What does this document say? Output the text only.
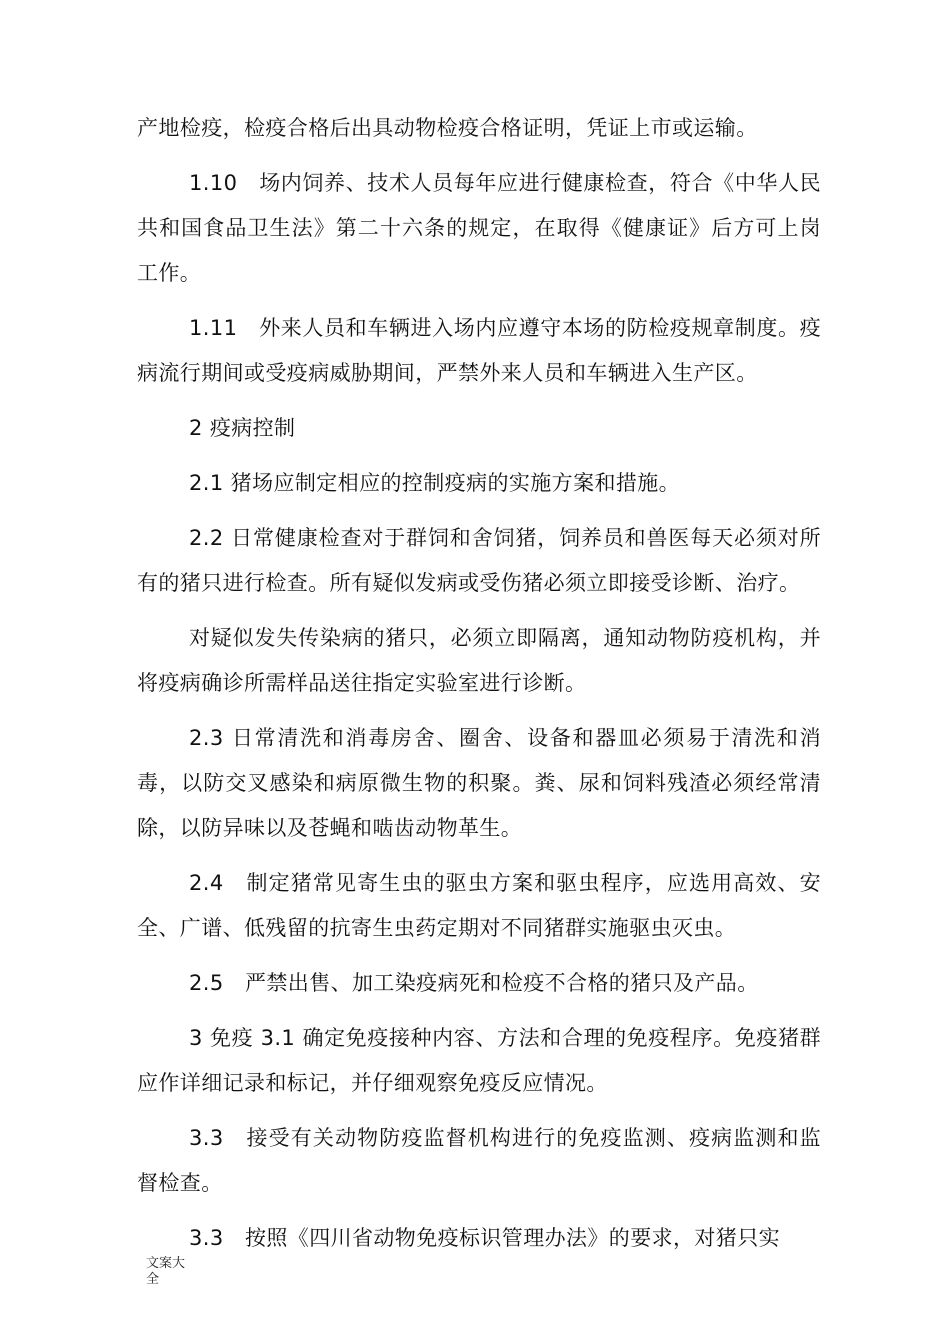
产地检疫，检疫合格后出具动物检疫合格证明，凭证上市或运输。

1.10　场内饲养、技术人员每年应进行健康检查，符合《中华人民共和国食品卫生法》第二十六条的规定，在取得《健康证》后方可上岗工作。

1.11　外来人员和车辆进入场内应遵守本场的防检疫规章制度。疫病流行期间或受疫病威胁期间，严禁外来人员和车辆进入生产区。

2 疫病控制

2.1 猪场应制定相应的控制疫病的实施方案和措施。

2.2 日常健康检查对于群饲和舍饲猪，饲养员和兽医每天必须对所有的猪只进行检查。所有疑似发病或受伤猪必须立即接受诊断、治疗。

对疑似发失传染病的猪只，必须立即隔离，通知动物防疫机构，并将疫病确诊所需样品送往指定实验室进行诊断。

2.3 日常清洗和消毒房舍、圈舍、设备和器皿必须易于清洗和消毒，以防交叉感染和病原微生物的积聚。粪、尿和饲料残渣必须经常清除，以防异味以及苍蝇和啮齿动物革生。

2.4　制定猪常见寄生虫的驱虫方案和驱虫程序，应选用高效、安全、广谱、低残留的抗寄生虫药定期对不同猪群实施驱虫灭虫。

2.5　严禁出售、加工染疫病死和检疫不合格的猪只及产品。

3 免疫 3.1 确定免疫接种内容、方法和合理的免疫程序。免疫猪群应作详细记录和标记，并仔细观察免疫反应情况。

3.3　接受有关动物防疫监督机构进行的免疫监测、疫病监测和监督检查。

3.3　按照《四川省动物免疫标识管理办法》的要求，对猪只实

文案大全
